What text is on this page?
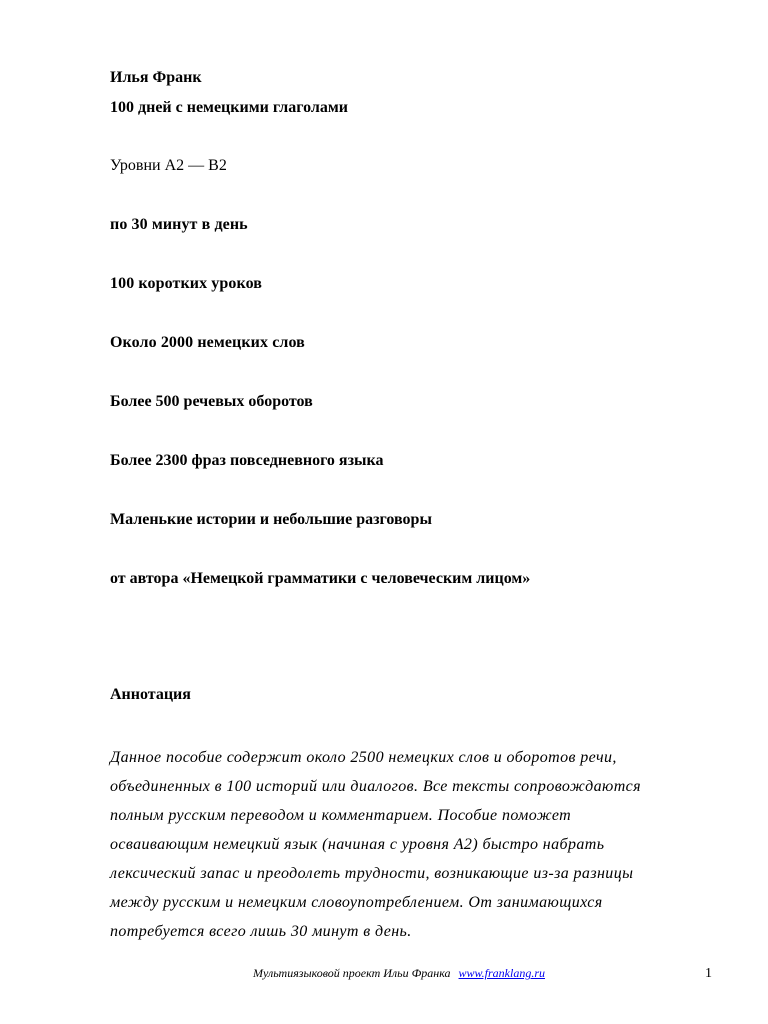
Илья Франк
100 дней с немецкими глаголами
Уровни А2 — В2
по 30 минут в день
100 коротких уроков
Около 2000 немецких слов
Более 500 речевых оборотов
Более 2300 фраз повседневного языка
Маленькие истории и небольшие разговоры
от автора «Немецкой грамматики с человеческим лицом»
Аннотация
Данное пособие содержит около 2500 немецких слов и оборотов речи,
объединенных в 100 историй или диалогов. Все тексты сопровождаются
полным русским переводом и комментарием. Пособие поможет
осваивающим немецкий язык (начиная с уровня А2) быстро набрать
лексический запас и преодолеть трудности, возникающие из-за разницы
между русским и немецким словоупотреблением. От занимающихся
потребуется всего лишь 30 минут в день.
Мультиязыковой проект Ильи Франка www.franklang.ru	1
